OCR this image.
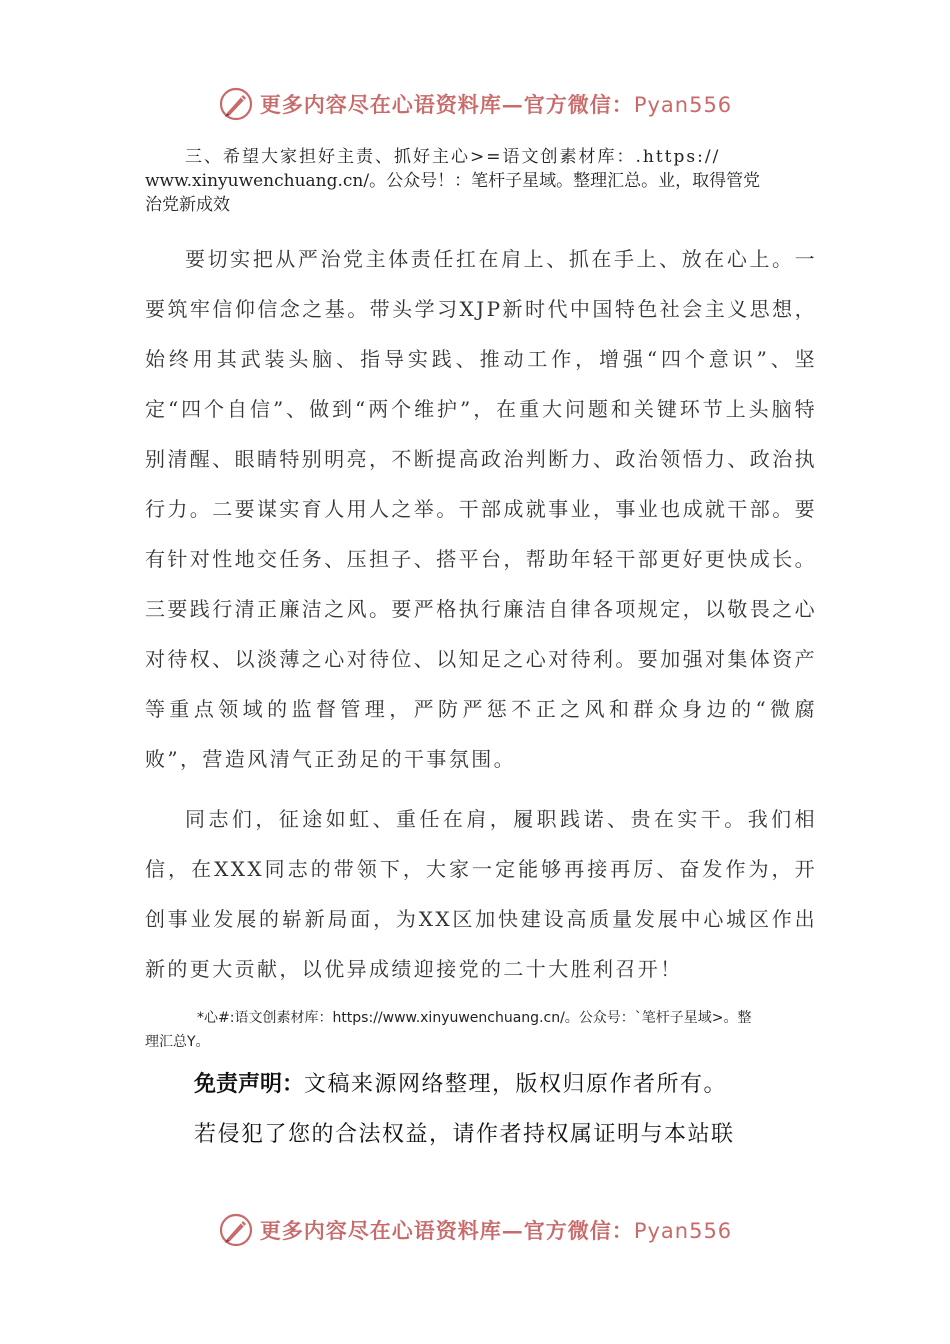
更多内容尽在心语资料库—官方微信：Pyan556
三、希望大家担好主责、抓好主心>=语文创素材库：.https://
www.xinyuwenchuang.cn/。公众号！：笔杆子星域。整理汇总。业，取得管党
治党新成效

要切实把从严治党主体责任扛在肩上、抓在手上、放在心上。一要筑牢信仰信念之基。带头学习XJP新时代中国特色社会主义思想，始终用其武装头脑、指导实践、推动工作，增强“四个意识”、坚定“四个自信”、做到“两个维护”，在重大问题和关键环节上头脑特别清醒、眼睛特别明亮，不断提高政治判断力、政治领悟力、政治执行力。二要谋实育人用人之举。干部成就事业，事业也成就干部。要有针对性地交任务、压担子、搭平台，帮助年轻干部更好更快成长。三要践行清正廉洁之风。要严格执行廉洁自律各项规定，以敬畏之心对待权、以淡薄之心对待位、以知足之心对待利。要加强对集体资产等重点领域的监督管理，严防严惩不正之风和群众身边的“微腐败”，营造风清气正劲足的干事氛围。

同志们，征途如虹、重任在肩，履职践诺、贵在实干。我们相信，在XXX同志的带领下，大家一定能够再接再厉、奋发作为，开创事业发展的崭新局面，为XX区加快建设高质量发展中心城区作出新的更大贡献，以优异成绩迎接党的二十大胜利召开！

*心#:语文创素材库：https://www.xinyuwenchuang.cn/。公众号：`笔杆子星域>。整
理汇总Y。
免责声明：文稿来源网络整理，版权归原作者所有。
若侵犯了您的合法权益，请作者持权属证明与本站联
更多内容尽在心语资料库—官方微信：Pyan556
